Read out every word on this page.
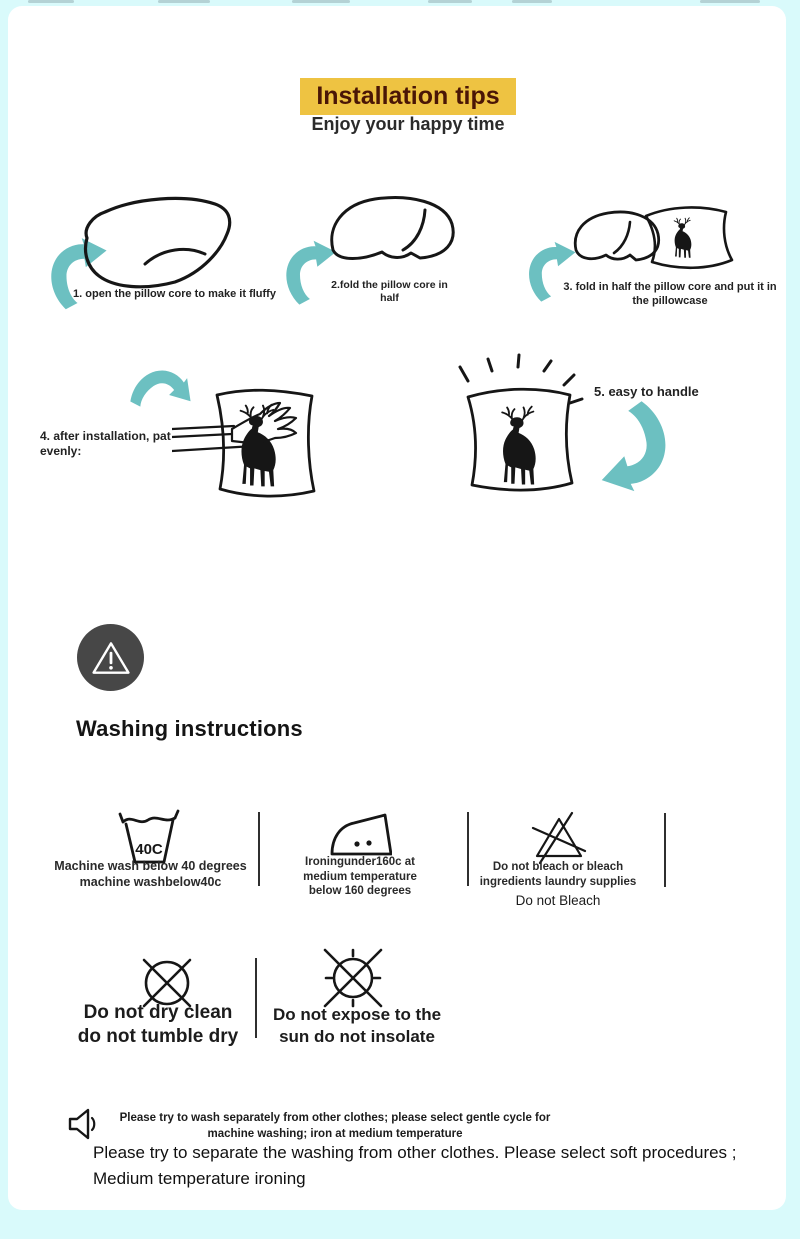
Installation tips
Enjoy your happy time
1. open the pillow core to make it fluffy
2.fold the pillow core in half
3. fold in half the pillow core and put it in the pillowcase
4. after installation, pat evenly:
5. easy to handle
Washing instructions
40C
Machine wash below 40 degrees machine washbelow40c
Ironingunder160c at medium temperature below 160 degrees
Do not bleach or bleach ingredients laundry supplies
Do not Bleach
Do not dry clean do not tumble dry
Do not expose to the sun do not insolate
Please try to wash separately from other clothes; please select gentle cycle for machine washing; iron at medium temperature
Please try to separate the washing from other clothes. Please select soft procedures ; Medium temperature ironing
